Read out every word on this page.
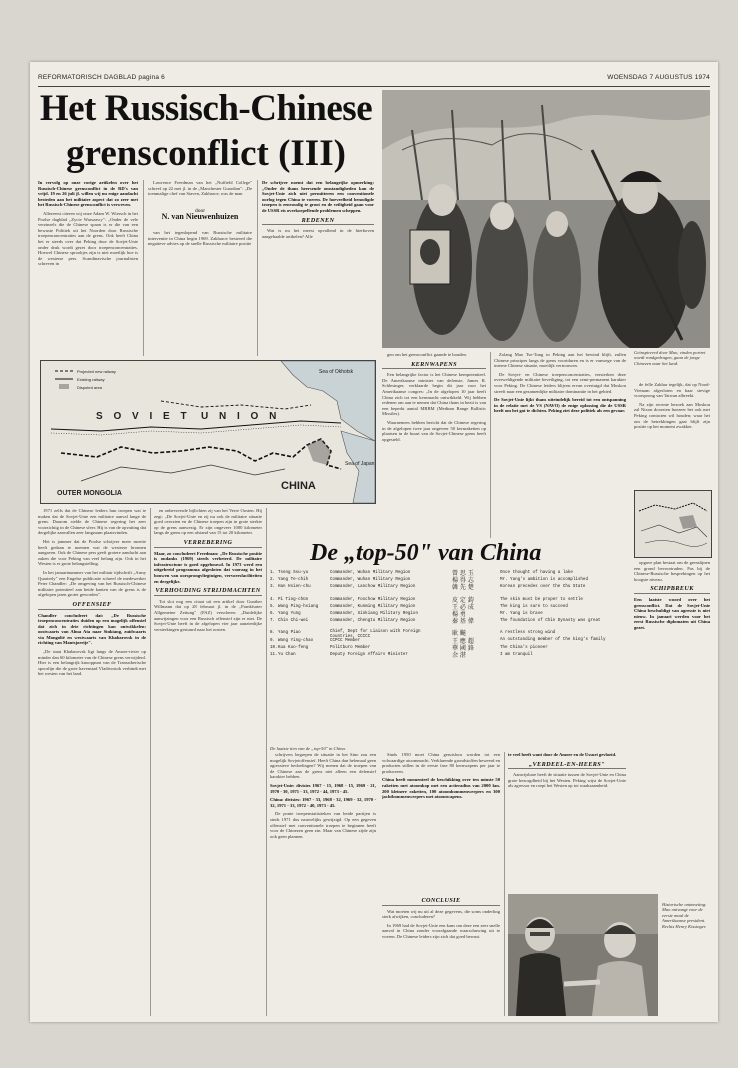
REFORMATORISCH DAGBLAD pagina 6	WOENSDAG 7 AUGUSTUS 1974
Het Russisch-Chinese
grensconflict (III)

In vervolg op onze vorige artikelen over het Russisch-Chinese grensconflict in de RD's van vrijd. 19 en 26 juli jl. willen wij nu enige aandacht besteden aan het militaire aspect dat zo zeer met het Russisch-Chinese grensconflict is verweven.

Allereerst citeren wij onze Adam W. Wiersch in het Poolse dagblad „Zycie Warszawy": „Onder de vele verzinsels die de Chinese spaan is er die van een bewuste Politiek uit het Noorden door Russische troepenconcentraties aan de grens. Ook heeft China het er steeds over dat Peking door de Sovjet-Unie onder druk wordt gezet door troepenconcentraties. Hoewel Chinese sprookjes zijn is niet moeilijk hoe is de westerse pers. Scandinavische journalisten schreven in

Lawrence Freedman van het „Nuffield College" schreef op 22 mei jl. in de „Manchester Guardian": „De toenmalige chef van Staven, Zakharov, was de man

door
N. van Nieuwenhuizen

van het tegenlopend van Russische militaire interventie in China begin 1969. Zakharov bestreed die negatieve advies op de snelle Russische militaire positie

De schrijver noemt dat een belangrijke opmerking: „Onder de thans heersende omstandigheden kan de Sovjet-Unie zich niet permitteren een conventionele oorlog tegen China te voeren. De hoeveelheid benodigde troepen is eenvoudig te groot en de veiligheid gaan voor de USSR eis overkoepellende problemen scheppen.

REDENEN

Wat is nu het meest opvallend in de hierboven aangehaalde artikelen? Alle

S O V I E T U N I O N
CHINA
OUTER MONGOLIA
Sea of Okhotsk
Sea of Japan
Projected new railway
Existing railway
Disputed area

1971 zelfs dat de Chinese leiders hun troepen wat te maken dat de Sovjet-Unie een militaire aanval lange de grens. Daarom stelde de Chinese regering het zeer voorzichtig in de Chinese sfeer. Hij is van de opvatting dat dergelijke aanvallen zeer langzaam plaatsvinden.

Het is jammer dat de Poolse schrijver meer moeite heeft gedaan te noemen wat de westerse bronnen aangaven. Ook de Chinese pers geeft grotere aandacht aan zaken die voor Peking van veel belang zijn. Ook in het Westen is er grote belangstelling.

In het januarinummer van het militair tijdschrift „Army Quarterly" een Engelse publicatie schreef de medewerker Peter Chandler: „De omgeving van het Russisch-Chinese militaire potentieel aan beide kanten van de grens is de afgelopen jaren groter geworden".

OFFENSIEF

Chandler concludeert dat: „De Russische troepenconcentraties duiden op een mogelijk offensief dat zich in drie richtingen kan ontwikkelen: oostwaarts van Alma Ata naar Sinkiang, zuidwaarts via Mongolië en westwaarts van Khabarovsk in de richting van Mantsjoerije".

„De staat Khabarovsk ligt langs de Amoer-rivier op minder dan 60 kilometer van de Chinese grens verwijderd. Hier is een belangrijk knooppunt van de Transsiberische spoorlijn die de grote havenstad Vladivostok verbindt met het westen van het land.

en onbevreesde bijlichten zij van het Verre Oosten. Hij zegt: „De Sovjet-Unie en zij nu ook de militaire situatie goed overzien en de Chinese troepen zijn in grote sterkte op de grens aanwezig. Er zijn ongeveer 1000 kilometer langs de grens op een afstand van 15 tot 20 kilometer.

VERREBERING

Maar, zo concludeert Freedman: „De Russische positie is ondanks (1969) steeds verbeterd. De militaire infrastructuur is goed opgebouwd. In 1973 werd een uitgebreid programma afgesloten dat voorzag in het bouwen van oorsprongvliegtuigen, vervoersfaciliteiten en dergelijke.

VERHOUDING STRIJDMACHTEN

Tot slot nog een citaat uit een artikel door Gunther Willmann dat op 28 februari jl. in de „Frankfurter Allgemeine Zeitung" (FAZ) verscheen: „Duidelijke aanwijzingen voor een Russisch offensief zijn er niet. De Sovjet-Unie heeft in de afgelopen vier jaar aanzienlijke versterkingen gestuurd naar het oosten.

schrijvers begrepen de situatie in het Sino zou een mogelijk Sovjetoffensief. Heeft China dan helemaal geen agressieve bedoelingen? Wij menen dat de troepen van de Chinese aan de grens niet alleen een defensief karakter hebben.

Sovjet-Unie: divisies 1967 - 15, 1968 - 15, 1969 - 21, 1970 - 30, 1971 - 33, 1972 - 44, 1973 - 45.

China: divisies: 1967 - 33, 1968 - 32, 1969 - 32, 1970 - 32, 1971 - 33, 1972 - 40, 1973 - 45.

De ponte troepenstatistieken van beide partijen is sinds 1971 dus nauwelijks gewijzigd. Op een gegeven offensief met conventionele troepen te beginnen heeft voor de Chinezen geen zin. Maar van Chinese zijde zijn ook geen plannen.

Geïnspireerd door Mao, vinden portret wordt rondgedragen, gaan de jonge Chinezen naar het land.

gen om het grensconflict gaande te houden.

KERNWAPENS

Een belangrijke factor is het Chinese kernpotentieel. De Amerikaanse minister van defensie, James R. Schlesinger, verklaarde begin dit jaar voor het Amerikaanse congres: „In de afgelopen 10 jaar heeft China zich tot een kernmacht ontwikkeld. Wij hebben redenen om aan te nemen dat China thans in bezit is van een beperkt aantal MRBM (Medium Range Ballistic Missiles).

Waarnemers hebben bericht dat de Chinese regering in de afgelopen twee jaar ongeveer 50 kernraketten op plaatsen in de buurt van de Sovjet-Chinese grens heeft opgesteld.

Zolang Mao Tse-Tung in Peking aan het bewind blijft, zullen Chinese principes langs de grens voortduren en is er vanwege van de interne Chinese situatie, moeilijk vertrouwen.

De Sovjet- en Chinese troepenconcentraties, versterken deze overweldigende militaire beveiliging, tot een semi-permanent karakter voor Peking. De Chinese leiders blijven ervan overtuigd dat Moskou streeft naar een gezamenlijke militaire dominantie in het gebied.

De Sovjet-Unie lijkt thans uiteindelijk bereid tot een ontspanning in de relatie met de VS (NAVO) de enige oplossing die de USSR heeft om het gat te dichten. Peking ziet deze politiek als een gevaar.

de felle Zakhar tegelijk, dat op Nood-Vietnam afgesloten en haar stevige voorsprong van Taiwan afbreekt.

Na zijn recente bezoek aan Moskou zal Nixon doorzien hoezeer het ook met Peking contacten wil houden; waar het om de betrekkingen gaat blijft zijn positie op het moment zwakker.

opgave plan bestaat om de grenslijnen een grond bevoortraden. Pas bij de Chinese-Russische besprekingen op het hoogste niveau.

SCHIPBREUK

Een laatste woord over het grensconflict. Dat de Sovjet-Unie China beschuldigt van agressie is niet nieuw. In januari werden voor het eerst Russische diplomaten uit China gezet.

De „top-50" van China
1. Tseng Ssu-yu	Commander, Wuhan Military Region	曾 思 玉	Once thought of having a lake
2. Yang Te-chih	Commander, Wuhan Military Region	楊 得 志	Mr. Yang's ambition is accomplished
3. Han Hsien-chu	Commander, Lanchow Military Region	韓 先 楚	Korean precedes over the Chu State
4. Pi Ting-chün	Commander, Foochow Military Region	皮 定 鈞	The skin must be proper to settle
5. Wang Ping-hsiang	Commander, Kunming Military Region	王 必 成	The king is sure to succeed
6. Yang Yung	Commander, Sinkiang Military Region	楊 勇	Mr. Yang is brave
7. Chin Chi-wei	Commander, Chengtu Military Region	秦 基 偉	The foundation of Chin Dynasty was great
8. Yang Piao	Chief, Dept for Liaison with Foreign Countries, CCCCC	耿 飈	A restless strong wind
9. Wang Ying-chao	CCPCC Member	王 應 超	An outstanding member of the king's family
10. Kua Kuo-feng	Politburo Member	華 國 鋒	The China's pioneer
11. Yu Chan	Deputy Foreign Affairs Minister	余 湛	I am tranquil
De laatste tien van de „top-50" in China.

Sinds 1950 moet China geruisloos worden tot een volwaardige atoommacht. Verklarende grondstoffen beweerd en producten stillen in de eerste fase 80 kernwapens per jaar te produceren.

China heeft momenteel de beschikking over ten minste 50 raketten met atoomkop met een actieradius van 2000 km. 200 kleinere raketten, 100 atoombommenwerpers en 300 jachtbommenwerpers met atoomwapens.

te veel heeft want door de Amoer en de Ussuri gevloeid.

„VERDEEL-EN-HEERS"

Aanwijsbare heeft de situatie tussen de Sovjet-Unie en China grote bezorgdheid bij het Westen. Peking wijst de Sovjet-Unie als agressor en roept het Westen op tot waakzaamheid.

CONCLUSIE

Wat moeten wij nu uit al deze gegevens, die soms onderling sterk afwijken, concluderen?

In 1969 had de Sovjet-Unie een kans om deze een zeer snelle aanval in China zonder voorafgaande waarschuwing uit te voeren. De Chinese leiders zijn zich dat goed bewust.

Historische ontmoeting: Mao ontvangt voor de eerste maal de Amerikaanse president. Rechts Henry Kissinger.
